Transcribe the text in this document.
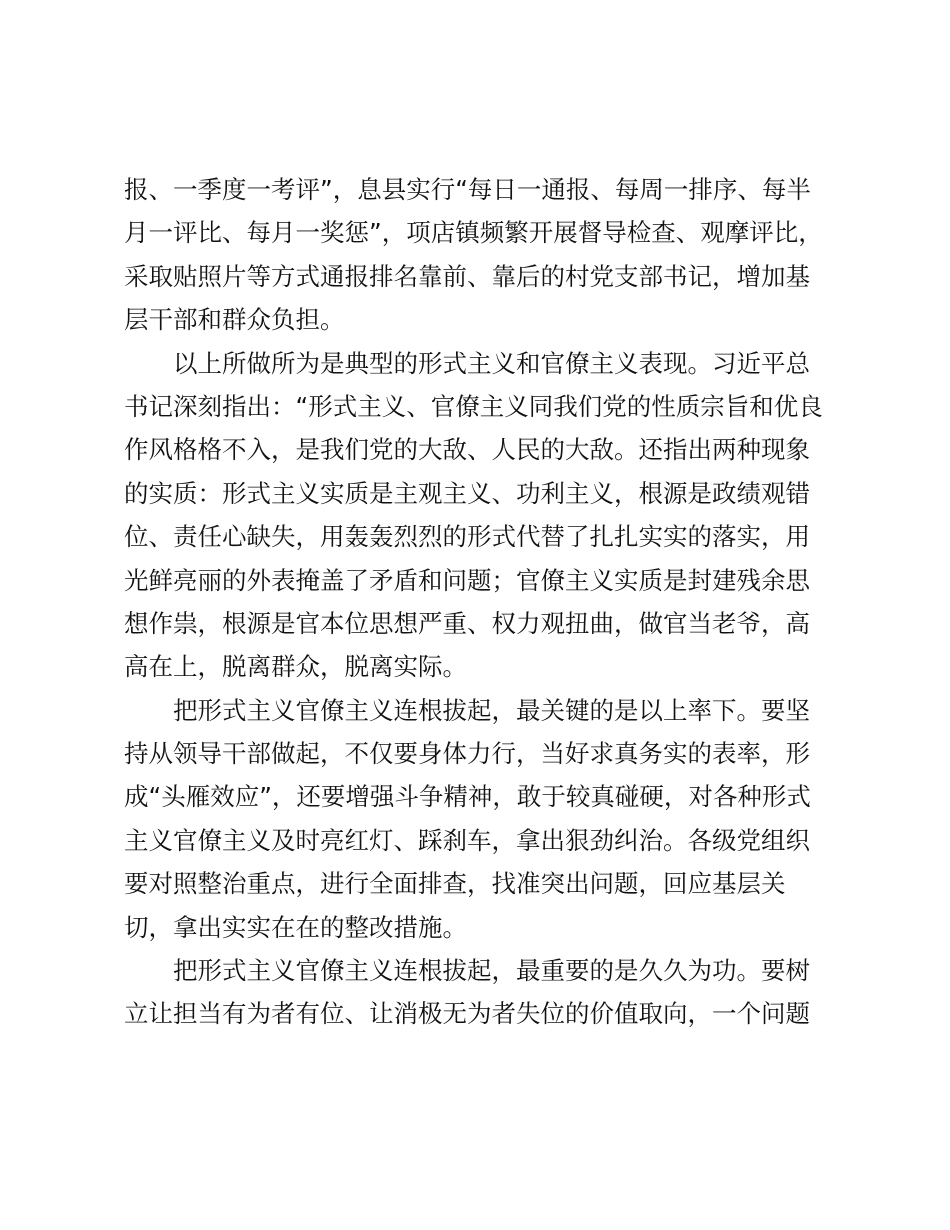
报、一季度一考评”，息县实行“每日一通报、每周一排序、每半
月一评比、每月一奖惩”，项店镇频繁开展督导检查、观摩评比，
采取贴照片等方式通报排名靠前、靠后的村党支部书记，增加基
层干部和群众负担。
以上所做所为是典型的形式主义和官僚主义表现。习近平总
书记深刻指出：“形式主义、官僚主义同我们党的性质宗旨和优良
作风格格不入，是我们党的大敌、人民的大敌。还指出两种现象
的实质：形式主义实质是主观主义、功利主义，根源是政绩观错
位、责任心缺失，用轰轰烈烈的形式代替了扎扎实实的落实，用
光鲜亮丽的外表掩盖了矛盾和问题；官僚主义实质是封建残余思
想作祟，根源是官本位思想严重、权力观扭曲，做官当老爷，高
高在上，脱离群众，脱离实际。
把形式主义官僚主义连根拔起，最关键的是以上率下。要坚
持从领导干部做起，不仅要身体力行，当好求真务实的表率，形
成“头雁效应”，还要增强斗争精神，敢于较真碰硬，对各种形式
主义官僚主义及时亮红灯、踩刹车，拿出狠劲纠治。各级党组织
要对照整治重点，进行全面排查，找准突出问题，回应基层关
切，拿出实实在在的整改措施。
把形式主义官僚主义连根拔起，最重要的是久久为功。要树
立让担当有为者有位、让消极无为者失位的价值取向，一个问题
